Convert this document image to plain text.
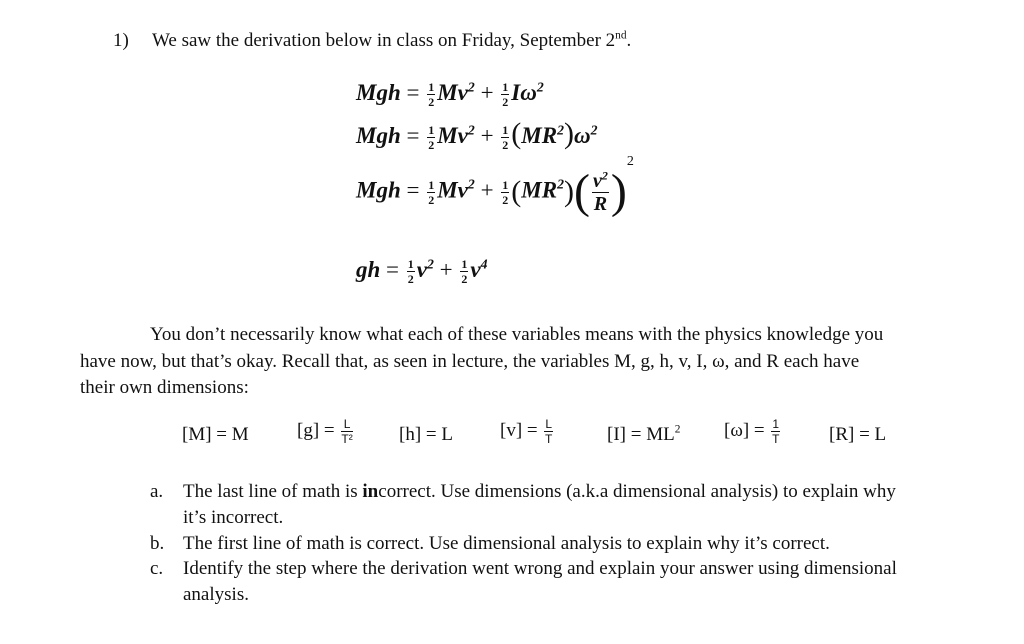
1) We saw the derivation below in class on Friday, September 2nd.
Mgh = $\frac{1}{2} Mv^2 + \frac{1}{2} I\omega^2$
Mgh = $\frac{1}{2} Mv^2 + \frac{1}{2} (MR^2)\omega^2$
Mgh = $\frac{1}{2} Mv^2 + \frac{1}{2} (MR^2)( \frac{v^2}{R} )^2$
gh = $\frac{1}{2} v^2 + \frac{1}{2} v^4$
You don’t necessarily know what each of these variables means with the physics knowledge you
have now, but that’s okay. Recall that, as seen in lecture, the variables M, g, h, v, I, ω, and R each have
their own dimensions:
[M] = M	$[g] = \frac{L}{\text{T²}} [h] = L$ $[v] = \frac{L}{T}$	$[I] = ML^2$ $[\omega] = \frac{1}{T}$	[R] = L
a. The last line of math is incorrect. Use dimensions (a.k.a dimensional analysis) to explain why
it’s incorrect.
b. The first line of math is correct. Use dimensional analysis to explain why it’s correct.
c. Identify the step where the derivation went wrong and explain your answer using dimensional
analysis.
